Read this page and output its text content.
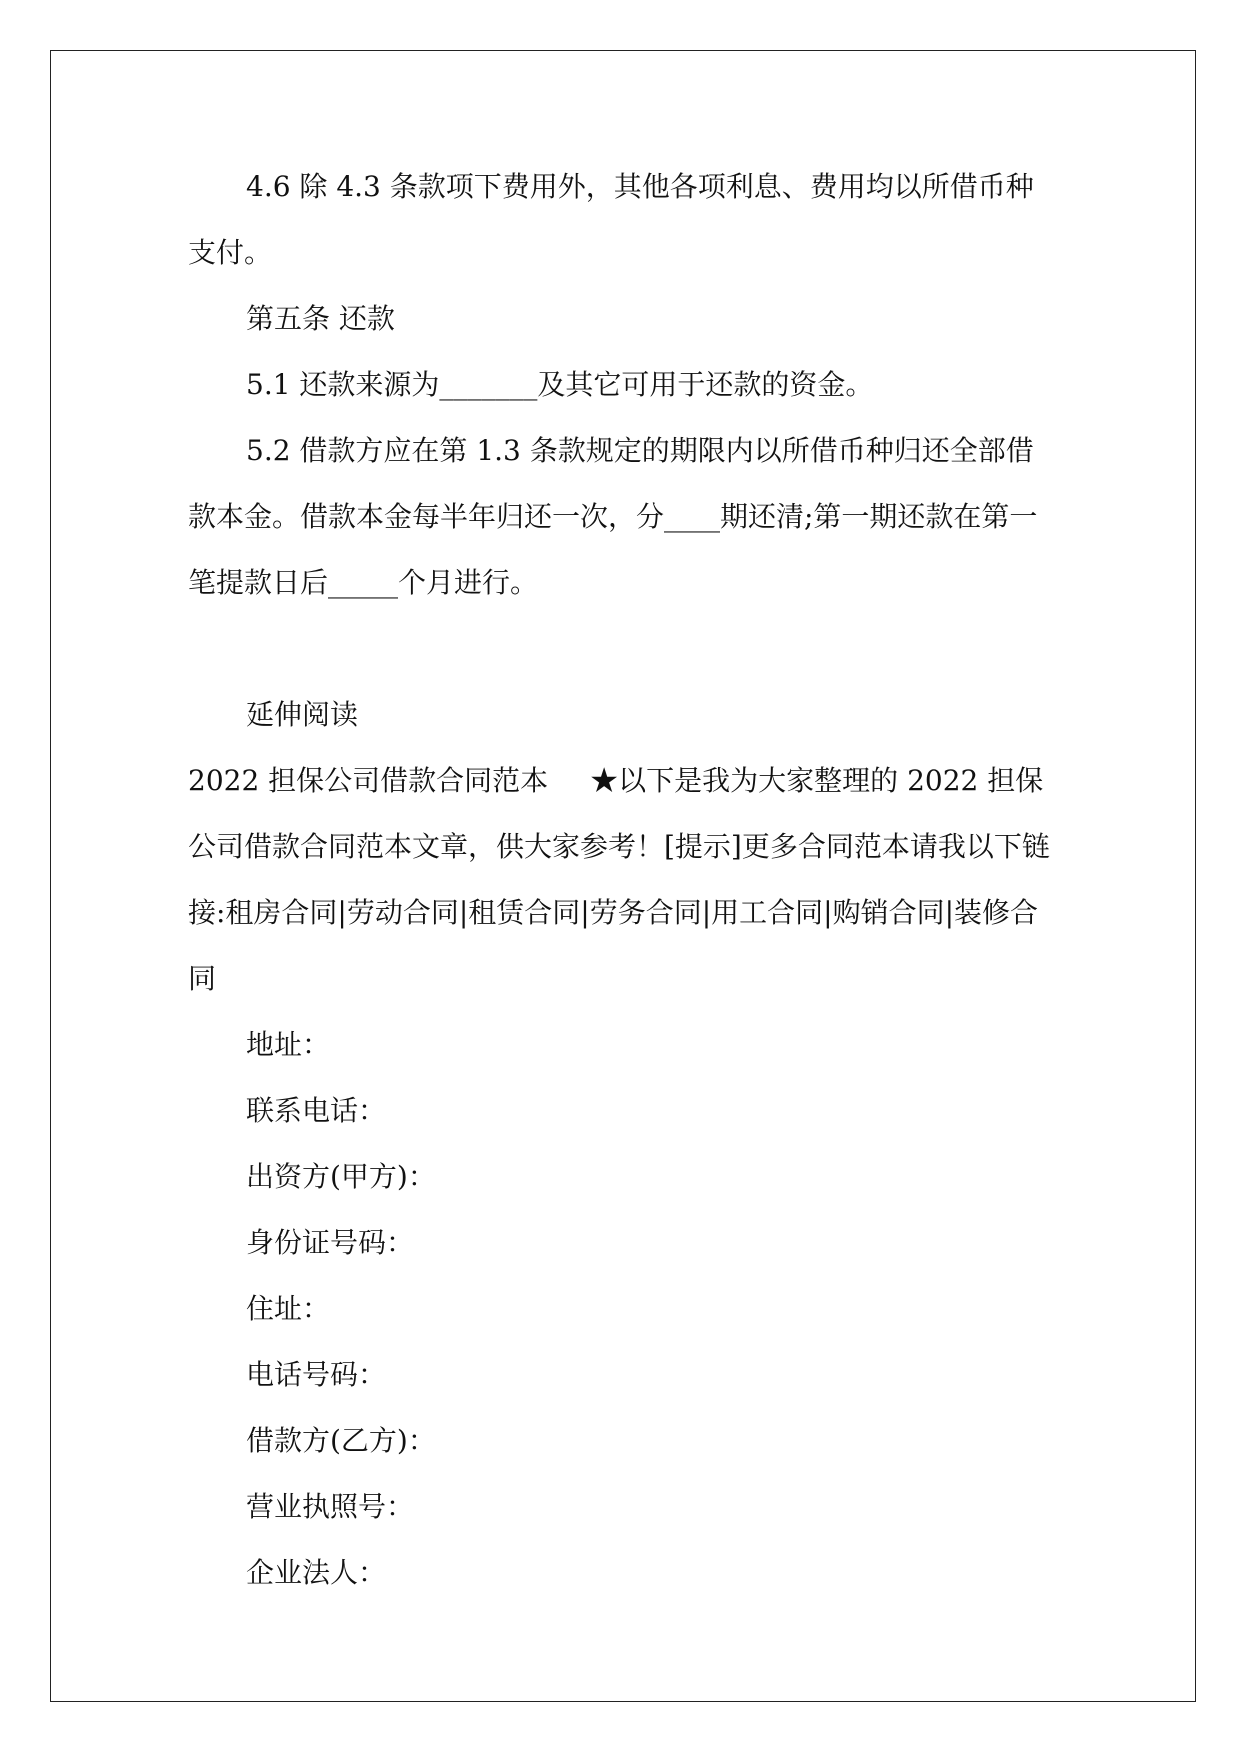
4.6 除 4.3 条款项下费用外，其他各项利息、费用均以所借币种支付。

第五条 还款

5.1 还款来源为_______及其它可用于还款的资金。

5.2 借款方应在第 1.3 条款规定的期限内以所借币种归还全部借款本金。借款本金每半年归还一次，分____期还清;第一期还款在第一笔提款日后_____个月进行。

延伸阅读

2022 担保公司借款合同范本 ★以下是我为大家整理的 2022 担保公司借款合同范本文章，供大家参考！[提示]更多合同范本请我以下链接:租房合同|劳动合同|租赁合同|劳务合同|用工合同|购销合同|装修合同

地址：

联系电话：

出资方(甲方)：

身份证号码：

住址：

电话号码：

借款方(乙方)：

营业执照号：

企业法人：
